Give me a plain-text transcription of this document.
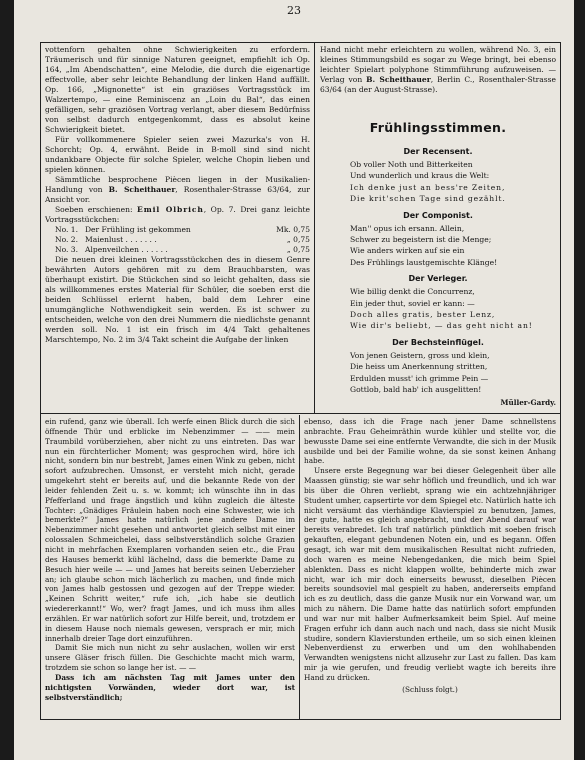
23

vottenforn gehalten ohne Schwierigkeiten zu erfordern. Träumerisch und für sinnige Naturen geeignet, empfiehlt ich Op. 164, „Im Abendschatten“, eine Melodie, die durch die eigenartige effectvolle, aber sehr leichte Behandlung der linken Hand auffällt. Op. 166, „Mignonette“ ist ein graziöses Vortragsstück im Walzertempo, — eine Reminiscenz an „Loin du Bal“, das einen gefälligen, sehr graziösen Vortrag verlangt, aber diesem Bedürfniss von selbst dadurch entgegenkommt, dass es absolut keine Schwierigkeit bietet.

Für vollkommenere Spieler seien zwei Mazurka's von H. Schorcht; Op. 4, erwähnt. Beide in B-moll sind sind nicht undankbare Objecte für solche Spieler, welche Chopin lieben und spielen können.

Sämmtliche besprochene Piècen liegen in der Musikalien-Handlung von B. Scheithauer, Rosenthaler-Strasse 63/64, zur Ansicht vor.

Soeben erschienen: Emil Olbrich, Op. 7. Drei ganz leichte Vortragsstückchen:

No. 1. Der Frühling ist gekommen	Mk. 0,75
No. 2. Maienlust . . . . . . .	„ 0,75
No. 3. Alpenveilchen . . . . . .	„ 0,75

Die neuen drei kleinen Vortragsstückchen des in diesem Genre bewährten Autors gehören mit zu dem Brauchbarsten, was überhaupt existirt. Die Stückchen sind so leicht gehalten, dass sie als willkommenes erstes Material für Schüler, die soeben erst die beiden Schlüssel erlernt haben, bald dem Lehrer eine unumgängliche Nothwendigkeit sein werden. Es ist schwer zu entscheiden, welche von den drei Nummern die niedlichste genannt werden soll. No. 1 ist ein frisch im 4/4 Takt gehaltenes Marschtempo, No. 2 im 3/4 Takt scheint die Aufgabe der linken

Hand nicht mehr erleichtern zu wollen, während No. 3, ein kleines Stimmungsbild es sogar zu Wege bringt, bei ebenso leichter Spielart polyphone Stimmführung aufzuweisen. — Verlag von B. Scheithauer, Berlin C., Rosenthaler-Strasse 63/64 (an der August-Strasse).

Frühlingsstimmen.
Der Recensent.
Ob voller Noth und Bitterkeiten
Und wunderlich und kraus die Welt:
Ich denke just an bess're Zeiten,
Die krit'schen Tage sind gezählt.
Der Componist.
Man'' opus ich ersann. Allein,
Schwer zu begeistern ist die Menge;
Wie anders wirken auf sie ein
Des Frühlings laustgemischte Klänge!
Der Verleger.
Wie billig denkt die Concurrenz,
Ein jeder thut, soviel er kann: —
Doch alles gratis, bester Lenz,
Wie dir's beliebt, — das geht nicht an!
Der Bechsteinflügel.
Von jenen Geistern, gross und klein,
Die heiss um Anerkennung stritten,
Erdulden musst' ich grimme Pein —
Gottlob, bald hab' ich ausgelitten!
Müller-Gardy.

ein rufend, ganz wie überall. Ich werfe einen Blick durch die sich öffnende Thür und erblicke im Nebenzimmer — —— mein Traumbild vorüberziehen, aber nicht zu uns eintreten. Das war nun ein fürchterlicher Moment; was gesprochen wird, höre ich nicht, sondern bin nur bestrebt, James einen Wink zu geben, nicht sofort aufzubrechen. Umsonst, er versteht mich nicht, gerade umgekehrt steht er bereits auf, und die bekannte Rede von der leider fehlenden Zeit u. s. w. kommt; ich wünschte ihn in das Pfefferland und frage ängstlich und kühn zugleich die älteste Tochter: „Gnädiges Fräulein haben noch eine Schwester, wie ich bemerkte?“ James hatte natürlich jene andere Dame im Nebenzimmer nicht gesehen und antwortet gleich selbst mit einer colossalen Schmeichelei, dass selbstverständlich solche Grazien nicht in mehrfachen Exemplaren vorhanden seien etc., die Frau des Hauses bemerkt kühl lächelnd, dass die bemerkte Dame zu Besuch hier weile — — und James hat bereits seinen Ueberzieher an; ich glaube schon mich lächerlich zu machen, und finde mich von James halb gestossen und gezogen auf der Treppe wieder. „Keinen Schritt weiter,“ rufe ich, „ich habe sie deutlich wiedererkannt!“ Wo, wer? fragt James, und ich muss ihm alles erzählen. Er war natürlich sofort zur Hilfe bereit, und, trotzdem er in diesem Hause noch niemals gewesen, versprach er mir, mich innerhalb dreier Tage dort einzuführen.

Damit Sie mich nun nicht zu sehr auslachen, wollen wir erst unsere Gläser frisch füllen. Die Geschichte macht mich warm, trotzdem sie schon so lange her ist. — —

Dass ich am nächsten Tag mit James unter den nichtigsten Vorwänden, wieder dort war, ist selbstverständlich;

ebenso, dass ich die Frage nach jener Dame schnellstens anbrachte. Frau Geheimräthin wurde kühler und stellte vor, die bewusste Dame sei eine entfernte Verwandte, die sich in der Musik ausbilde und bei der Familie wohne, da sie sonst keinen Anhang habe.

Unsere erste Begegnung war bei dieser Gelegenheit über alle Maassen günstig; sie war sehr höflich und freundlich, und ich war bis über die Ohren verliebt, sprang wie ein achtzehnjähriger Student umher, capsertirte vor dem Spiegel etc. Natürlich hatte ich nicht versäumt das vierhändige Klavierspiel zu benutzen, James, der gute, hatte es gleich angebracht, und der Abend darauf war bereits verabredet. Ich traf natürlich pünktlich mit soeben frisch gekauften, elegant gebundenen Noten ein, und es begann. Offen gesagt, ich war mit dem musikalischen Resultat nicht zufrieden, doch waren es meine Nebengedanken, die mich beim Spiel ablenkten. Dass es nicht klappen wollte, behinderte mich zwar nicht, war ich mir doch einerseits bewusst, dieselben Piècen bereits soundsoviel mal gespielt zu haben, andererseits empfand ich es zu deutlich, dass die ganze Musik nur ein Vorwand war, um mich zu nähern. Die Dame hatte das natürlich sofort empfunden und war nur mit halber Aufmerksamkeit beim Spiel. Auf meine Fragen erfuhr ich dann auch nach und nach, dass sie nicht Musik studire, sondern Klavierstunden ertheile, um so sich einen kleinen Nebenverdienst zu erwerben und um den wohlhabenden Verwandten wenigstens nicht allzusehr zur Last zu fallen. Das kam mir ja wie gerufen, und freudig verliebt wagte ich bereits ihre Hand zu drücken.

(Schluss folgt.)
